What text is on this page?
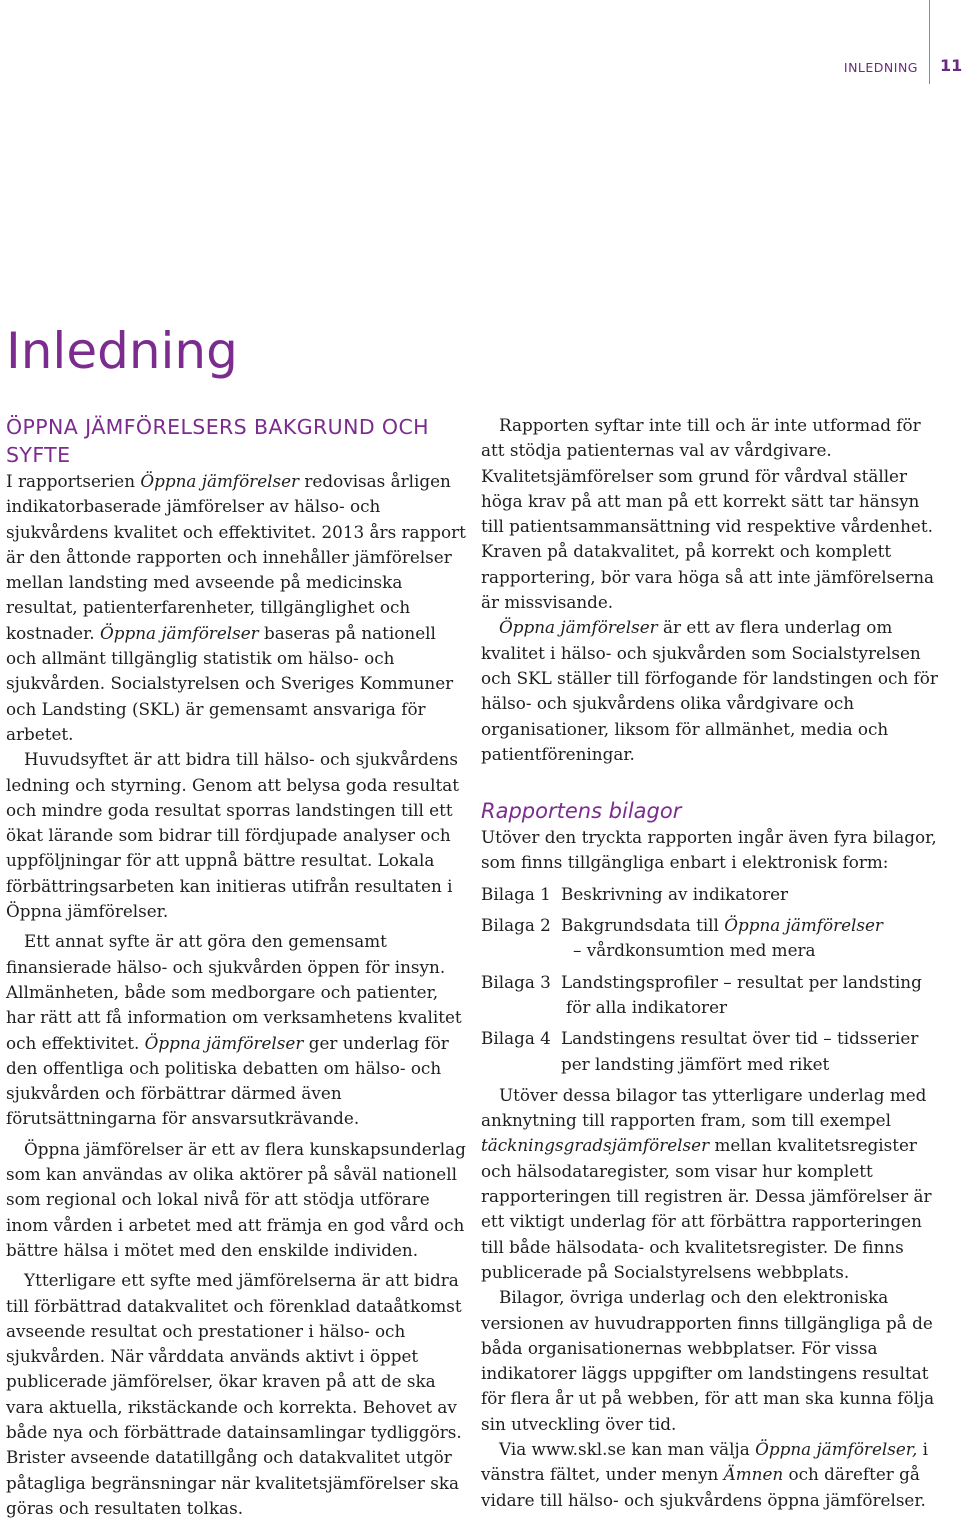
INLEDNING 11
Inledning
ÖPPNA JÄMFÖRELSERS BAKGRUND OCH SYFTE

I rapportserien Öppna jämförelser redovisas årligen indikatorbaserade jämförelser av hälso- och sjukvårdens kvalitet och effektivitet. 2013 års rapport är den åttonde rapporten och innehåller jämförelser mellan landsting med avseende på medicinska resultat, patienterfarenheter, tillgänglighet och kostnader. Öppna jämförelser baseras på nationell och allmänt tillgänglig statistik om hälso- och sjukvården. Socialstyrelsen och Sveriges Kommuner och Landsting (SKL) är gemensamt ansvariga för arbetet.

Huvudsyftet är att bidra till hälso- och sjukvårdens ledning och styrning. Genom att belysa goda resultat och mindre goda resultat sporras landstingen till ett ökat lärande som bidrar till fördjupade analyser och uppföljningar för att uppnå bättre resultat. Lokala förbättringsarbeten kan initieras utifrån resultaten i Öppna jämförelser.

Ett annat syfte är att göra den gemensamt finansierade hälso- och sjukvården öppen för insyn. Allmänheten, både som medborgare och patienter, har rätt att få information om verksamhetens kvalitet och effektivitet. Öppna jämförelser ger underlag för den offentliga och politiska debatten om hälso- och sjukvården och förbättrar därmed även förutsättningarna för ansvarsutkrävande.

Öppna jämförelser är ett av flera kunskapsunderlag som kan användas av olika aktörer på såväl nationell som regional och lokal nivå för att stödja utförare inom vården i arbetet med att främja en god vård och bättre hälsa i mötet med den enskilde individen.

Ytterligare ett syfte med jämförelserna är att bidra till förbättrad datakvalitet och förenklad dataåtkomst avseende resultat och prestationer i hälso- och sjukvården. När vårddata används aktivt i öppet publicerade jämförelser, ökar kraven på att de ska vara aktuella, rikstäckande och korrekta. Behovet av både nya och förbättrade datainsamlingar tydliggörs. Brister avseende datatillgång och datakvalitet utgör påtagliga begränsningar när kvalitetsjämförelser ska göras och resultaten tolkas.

Rapporten syftar inte till och är inte utformad för att stödja patienternas val av vårdgivare. Kvalitetsjämförelser som grund för vårdval ställer höga krav på att man på ett korrekt sätt tar hänsyn till patientsammansättning vid respektive vårdenhet. Kraven på datakvalitet, på korrekt och komplett rapportering, bör vara höga så att inte jämförelserna är missvisande.

Öppna jämförelser är ett av flera underlag om kvalitet i hälso- och sjukvården som Socialstyrelsen och SKL ställer till förfogande för landstingen och för hälso- och sjukvårdens olika vårdgivare och organisationer, liksom för allmänhet, media och patientföreningar.

Rapportens bilagor

Utöver den tryckta rapporten ingår även fyra bilagor, som finns tillgängliga enbart i elektronisk form:

Bilaga 1 Beskrivning av indikatorer
Bilaga 2 Bakgrundsdata till Öppna jämförelser
– vårdkonsumtion med mera
Bilaga 3 Landstingsprofiler – resultat per landsting
för alla indikatorer
Bilaga 4 Landstingens resultat över tid – tidsserier
per landsting jämfört med riket

Utöver dessa bilagor tas ytterligare underlag med anknytning till rapporten fram, som till exempel täckningsgradsjämförelser mellan kvalitetsregister och hälsodataregister, som visar hur komplett rapporteringen till registren är. Dessa jämförelser är ett viktigt underlag för att förbättra rapporteringen till både hälsodata- och kvalitetsregister. De finns publicerade på Socialstyrelsens webbplats.

Bilagor, övriga underlag och den elektroniska versionen av huvudrapporten finns tillgängliga på de båda organisationernas webbplatser. För vissa indikatorer läggs uppgifter om landstingens resultat för flera år ut på webben, för att man ska kunna följa sin utveckling över tid.

Via www.skl.se kan man välja Öppna jämförelser, i vänstra fältet, under menyn Ämnen och därefter gå vidare till hälso- och sjukvårdens öppna jämförelser.
